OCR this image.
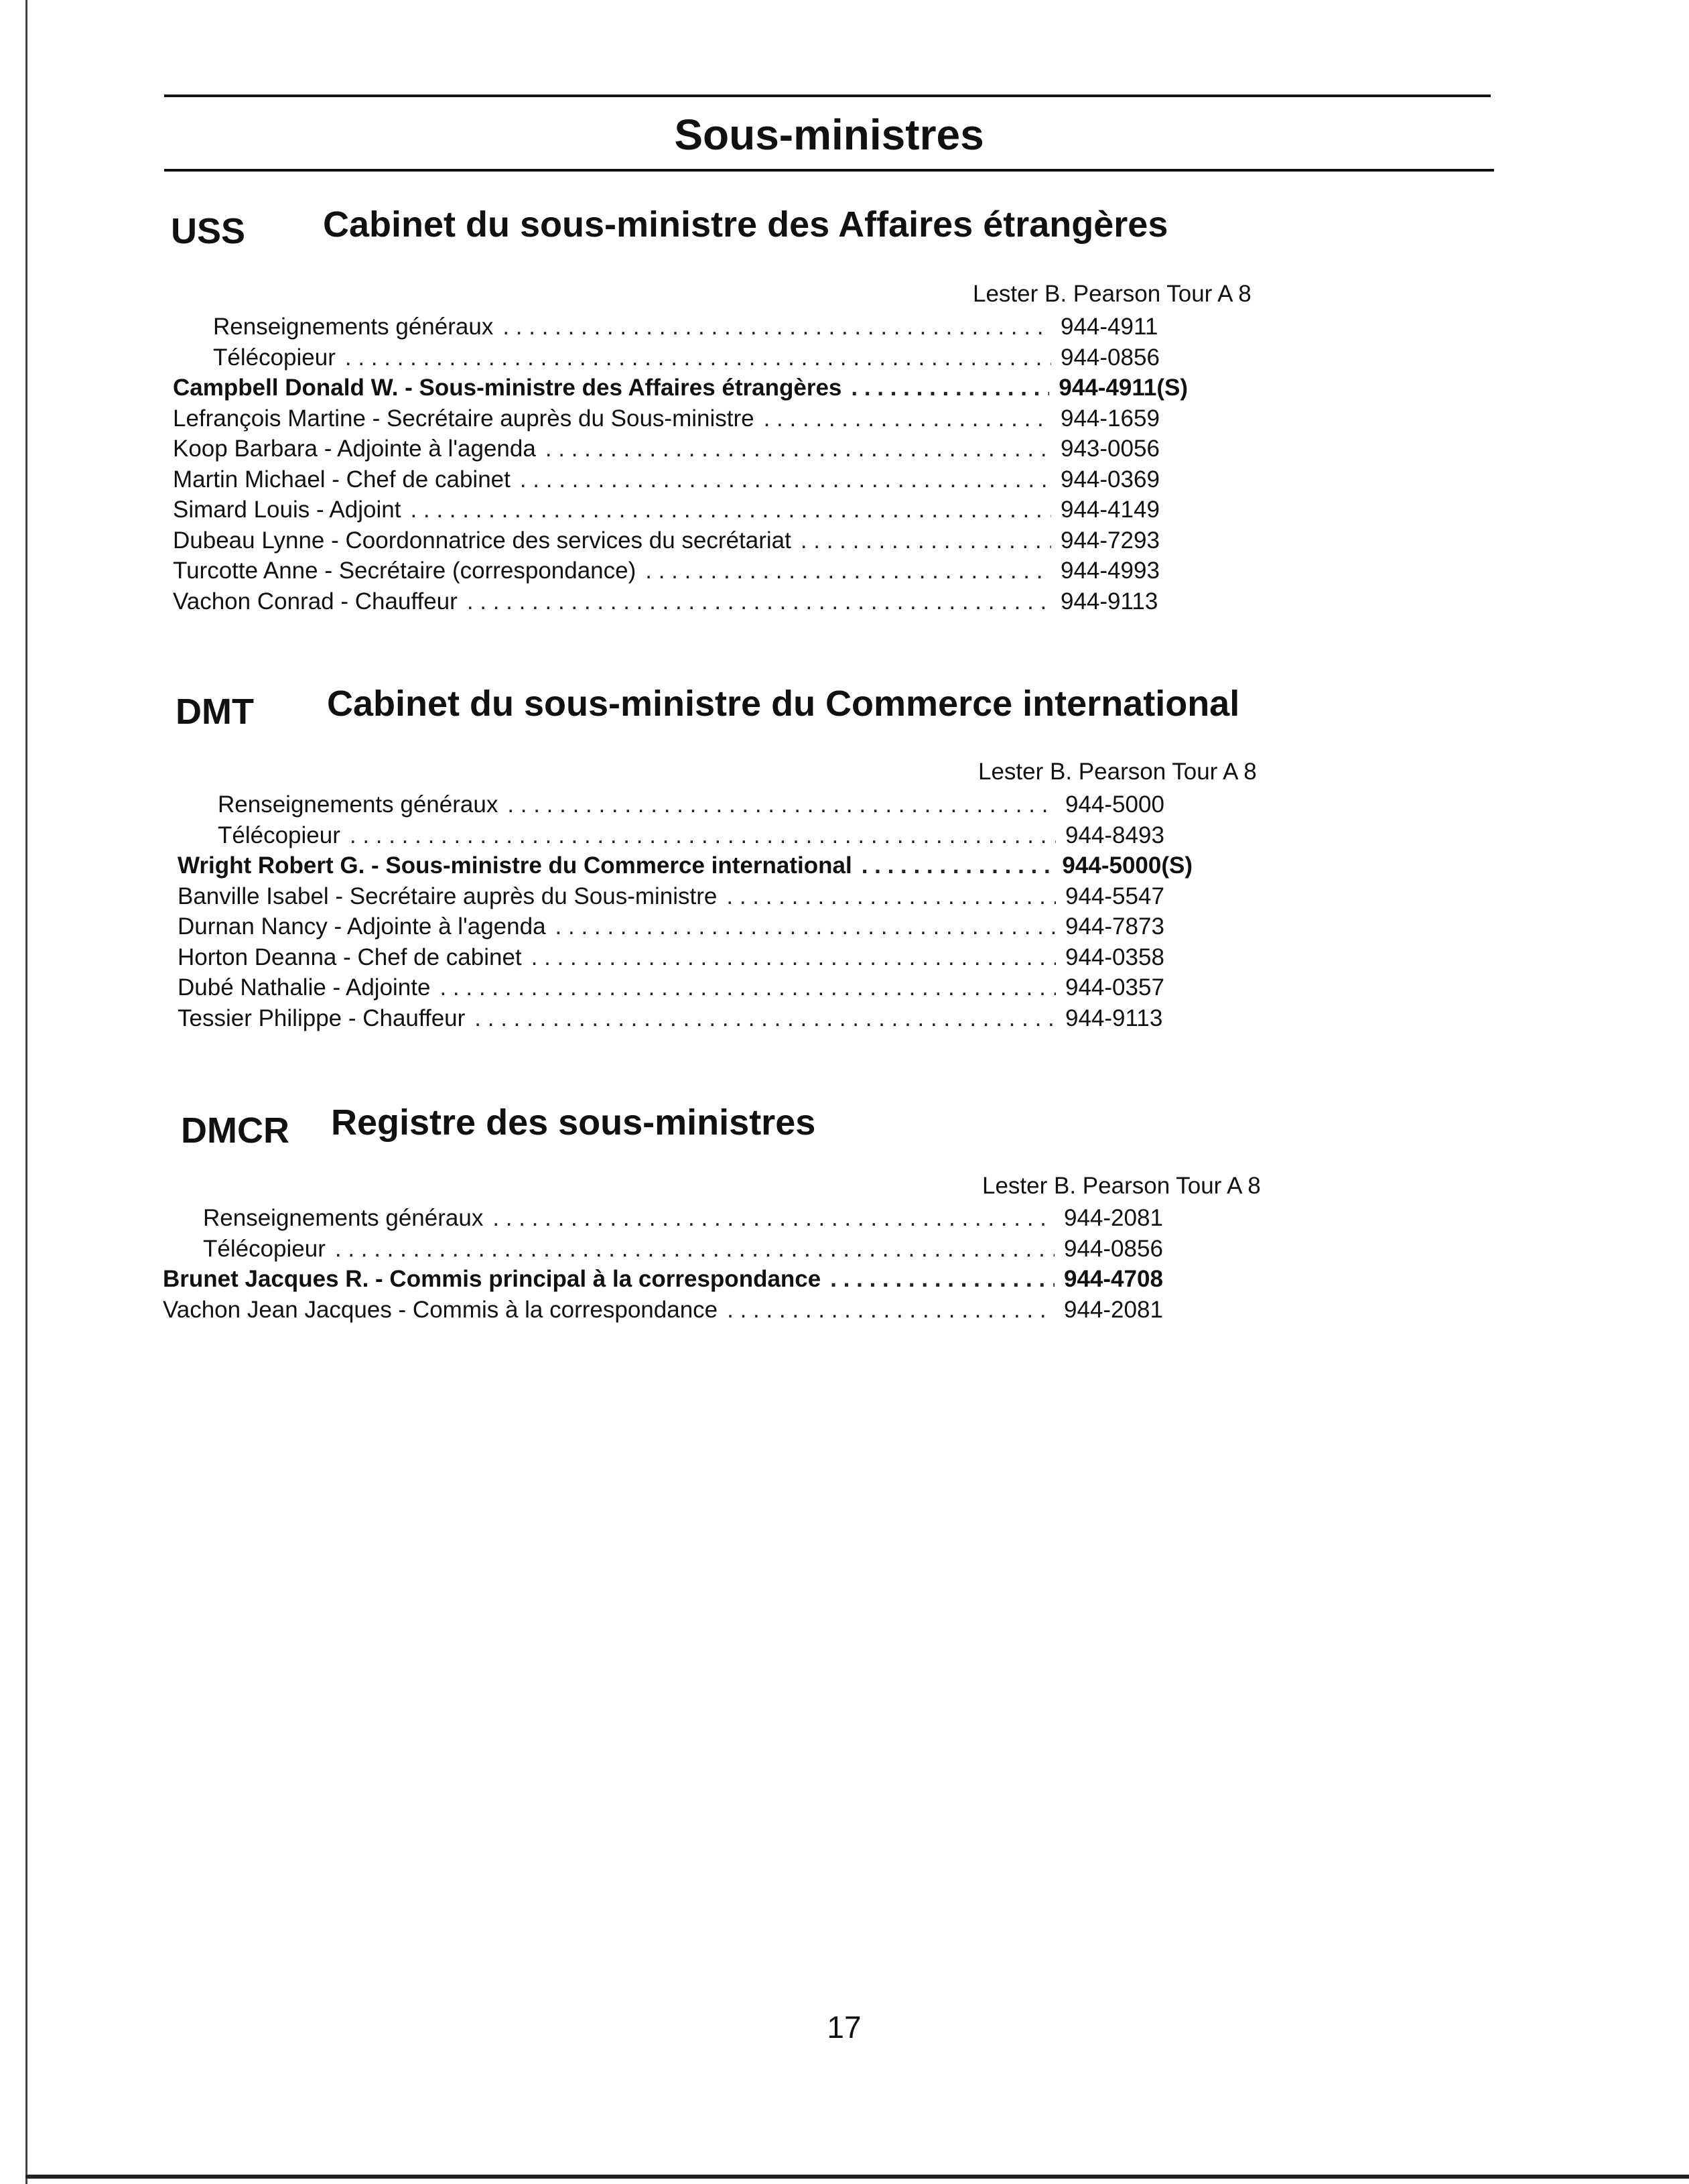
Sous-ministres
USS Cabinet du sous-ministre des Affaires étrangères
Lester B. Pearson Tour A 8
Renseignements généraux . . .	944-4911
Télécopieur . . .	944-0856
Campbell Donald W. - Sous-ministre des Affaires étrangères . . .	944-4911(S)
Lefrançois Martine - Secrétaire auprès du Sous-ministre . . .	944-1659
Koop Barbara - Adjointe à l'agenda . . .	943-0056
Martin Michael - Chef de cabinet . . .	944-0369
Simard Louis - Adjoint . . .	944-4149
Dubeau Lynne - Coordonnatrice des services du secrétariat . . .	944-7293
Turcotte Anne - Secrétaire (correspondance) . . .	944-4993
Vachon Conrad - Chauffeur . . .	944-9113
DMT Cabinet du sous-ministre du Commerce international
Lester B. Pearson Tour A 8
Renseignements généraux . . .	944-5000
Télécopieur . . .	944-8493
Wright Robert G. - Sous-ministre du Commerce international . . .	944-5000(S)
Banville Isabel - Secrétaire auprès du Sous-ministre . . .	944-5547
Durnan Nancy - Adjointe à l'agenda . . .	944-7873
Horton Deanna - Chef de cabinet . . .	944-0358
Dubé Nathalie - Adjointe . . .	944-0357
Tessier Philippe - Chauffeur . . .	944-9113
DMCR Registre des sous-ministres
Lester B. Pearson Tour A 8
Renseignements généraux . . .	944-2081
Télécopieur . . .	944-0856
Brunet Jacques R. - Commis principal à la correspondance . . .	944-4708
Vachon Jean Jacques - Commis à la correspondance . . .	944-2081
17
